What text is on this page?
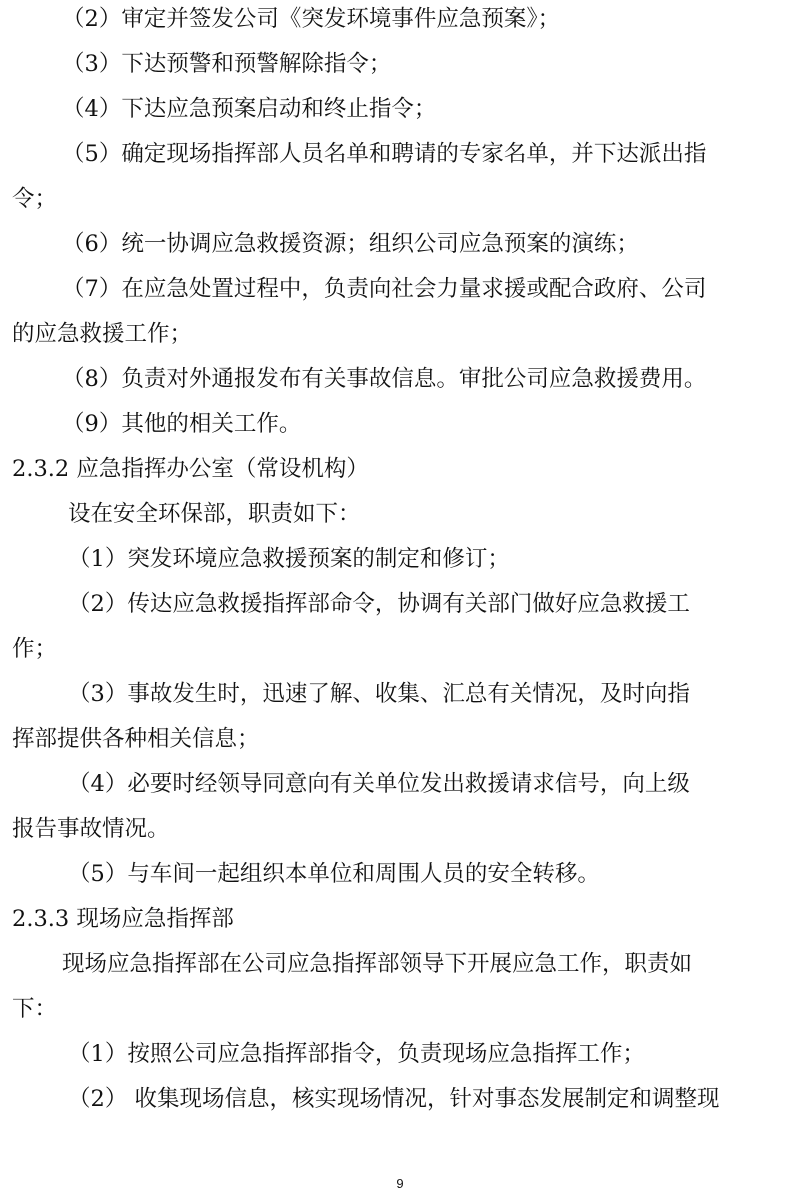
（2）审定并签发公司《突发环境事件应急预案》；
（3）下达预警和预警解除指令；
（4）下达应急预案启动和终止指令；
（5）确定现场指挥部人员名单和聘请的专家名单，并下达派出指
令；
（6）统一协调应急救援资源；组织公司应急预案的演练；
（7）在应急处置过程中，负责向社会力量求援或配合政府、公司
的应急救援工作；
（8）负责对外通报发布有关事故信息。审批公司应急救援费用。
（9）其他的相关工作。
2.3.2 应急指挥办公室（常设机构）
设在安全环保部，职责如下：
（1）突发环境应急救援预案的制定和修订；
（2）传达应急救援指挥部命令，协调有关部门做好应急救援工
作；
（3）事故发生时，迅速了解、收集、汇总有关情况，及时向指
挥部提供各种相关信息；
（4）必要时经领导同意向有关单位发出救援请求信号，向上级
报告事故情况。
（5）与车间一起组织本单位和周围人员的安全转移。
2.3.3 现场应急指挥部
现场应急指挥部在公司应急指挥部领导下开展应急工作，职责如
下：
（1）按照公司应急指挥部指令，负责现场应急指挥工作；
（2） 收集现场信息，核实现场情况，针对事态发展制定和调整现
9
